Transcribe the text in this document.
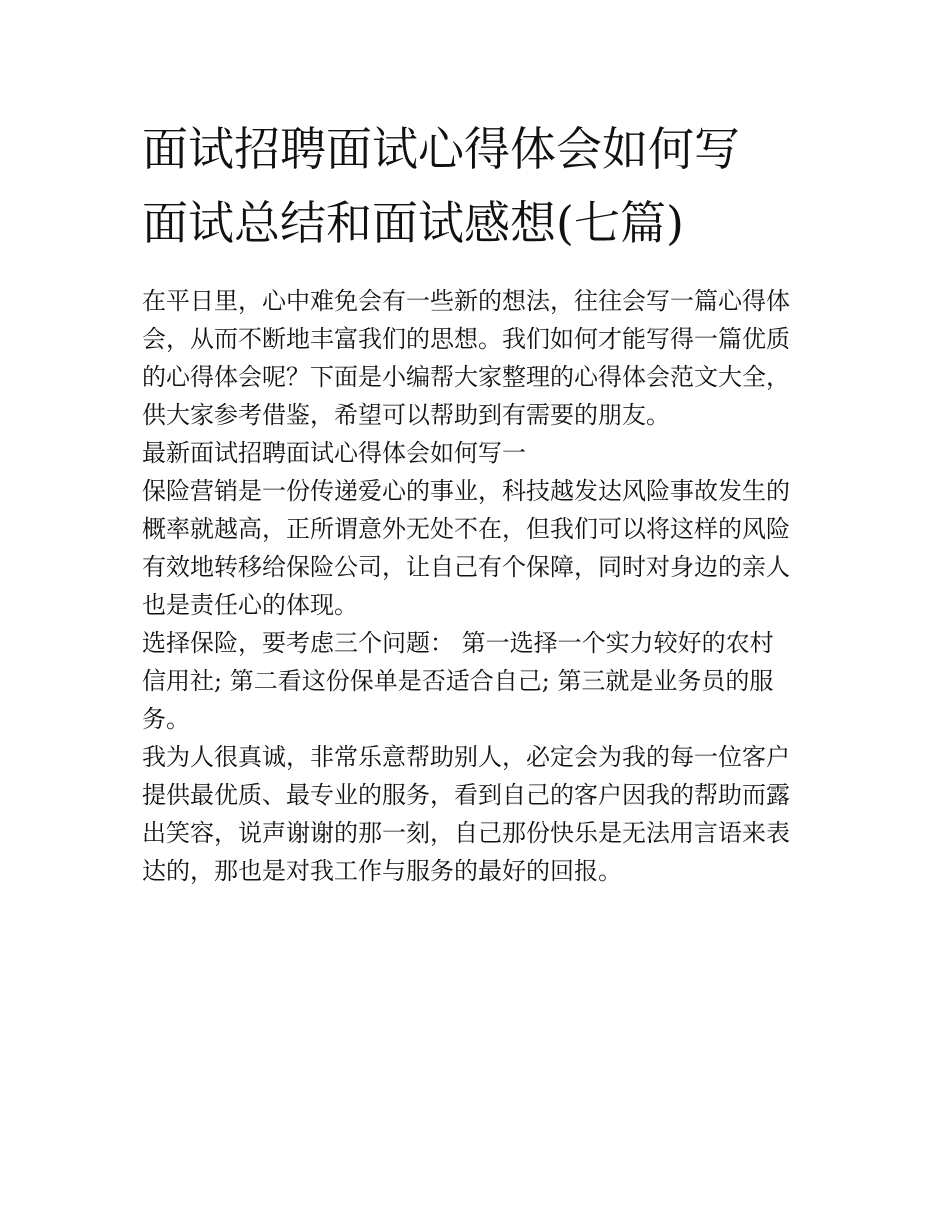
面试招聘面试心得体会如何写
面试总结和面试感想(七篇)

在平日里，心中难免会有一些新的想法，往往会写一篇心得体
会，从而不断地丰富我们的思想。我们如何才能写得一篇优质
的心得体会呢？下面是小编帮大家整理的心得体会范文大全，
供大家参考借鉴，希望可以帮助到有需要的朋友。

最新面试招聘面试心得体会如何写一

保险营销是一份传递爱心的事业，科技越发达风险事故发生的
概率就越高，正所谓意外无处不在，但我们可以将这样的风险
有效地转移给保险公司，让自己有个保障，同时对身边的亲人
也是责任心的体现。

选择保险，要考虑三个问题： 第一选择一个实力较好的农村
信用社; 第二看这份保单是否适合自己; 第三就是业务员的服
务。

我为人很真诚，非常乐意帮助别人，必定会为我的每一位客户
提供最优质、最专业的服务，看到自己的客户因我的帮助而露
出笑容，说声谢谢的那一刻，自己那份快乐是无法用言语来表
达的，那也是对我工作与服务的最好的回报。
